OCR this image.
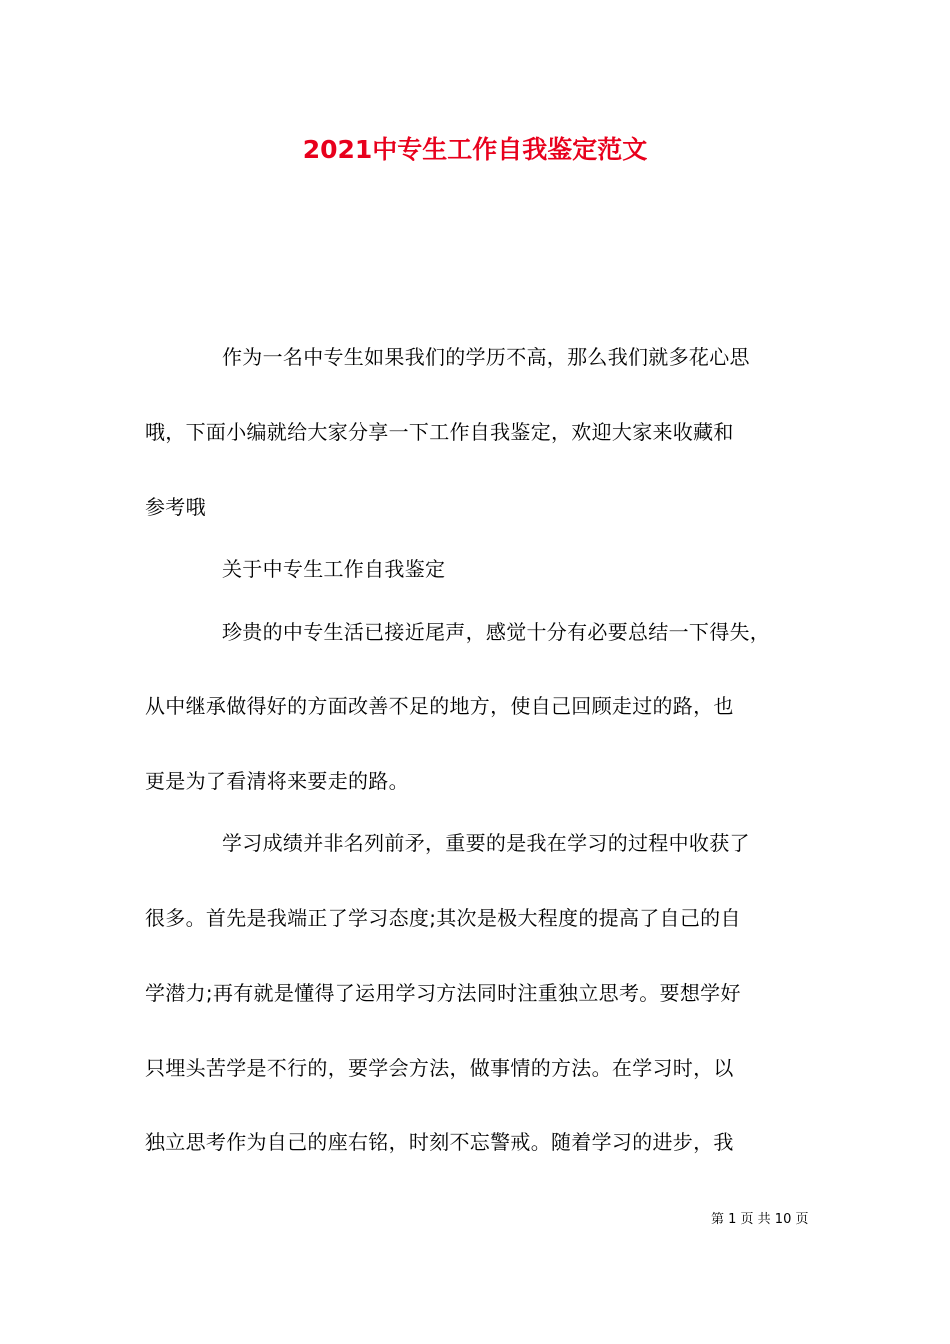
2021中专生工作自我鉴定范文
作为一名中专生如果我们的学历不高，那么我们就多花心思
哦，下面小编就给大家分享一下工作自我鉴定，欢迎大家来收藏和
参考哦
关于中专生工作自我鉴定
珍贵的中专生活已接近尾声，感觉十分有必要总结一下得失，
从中继承做得好的方面改善不足的地方，使自己回顾走过的路，也
更是为了看清将来要走的路。
学习成绩并非名列前矛，重要的是我在学习的过程中收获了
很多。首先是我端正了学习态度;其次是极大程度的提高了自己的自
学潜力;再有就是懂得了运用学习方法同时注重独立思考。要想学好
只埋头苦学是不行的，要学会方法，做事情的方法。在学习时，以
独立思考作为自己的座右铭，时刻不忘警戒。随着学习的进步，我
第 1 页 共 10 页
